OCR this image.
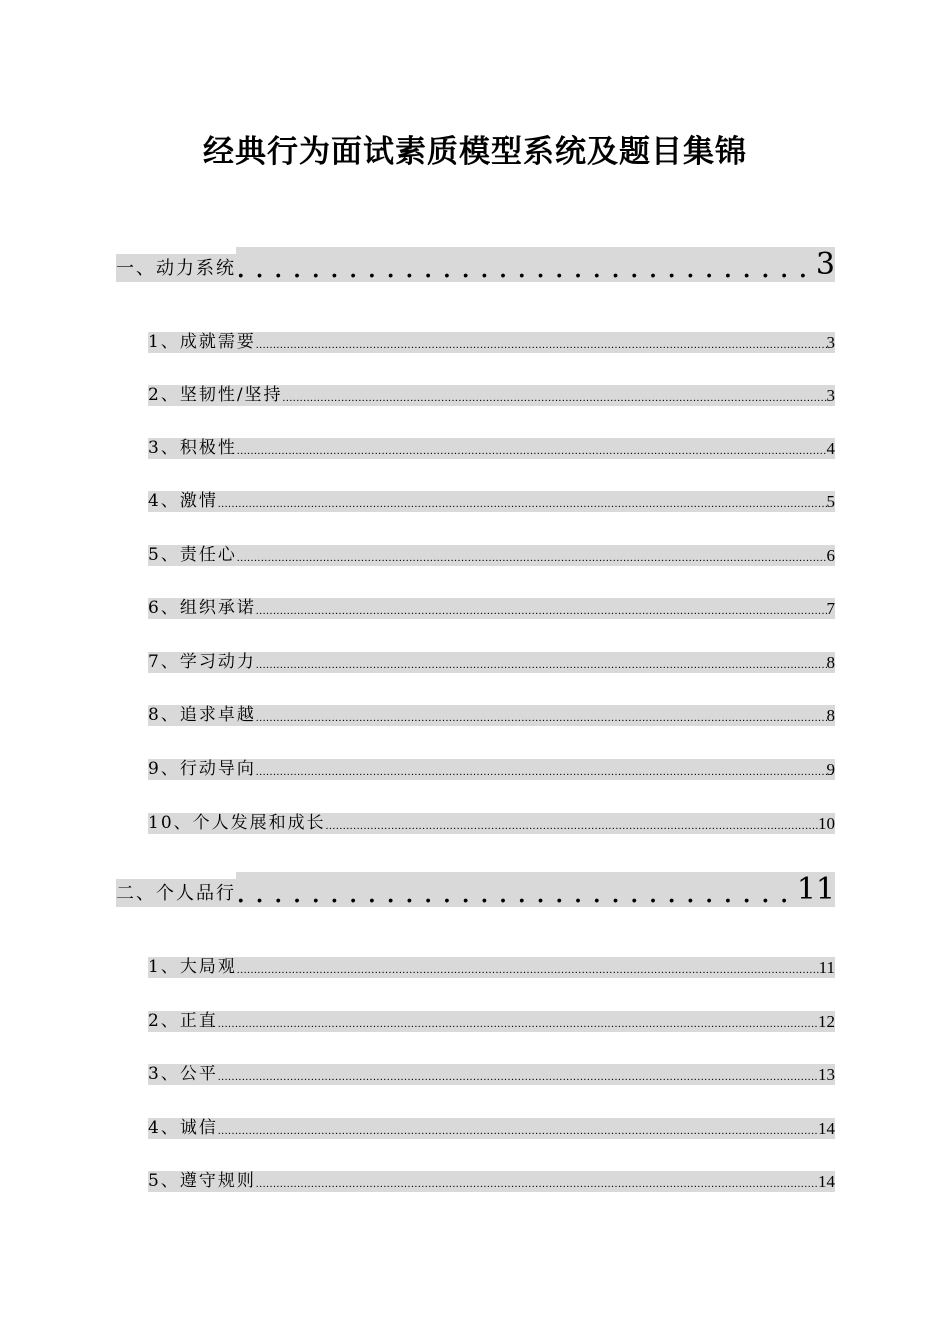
经典行为面试素质模型系统及题目集锦
一、动力系统 .....	3
1、成就需要 .....	3
2、坚韧性/坚持 .....	3
3、积极性 .....	4
4、激情 .....	5
5、责任心 .....	6
6、组织承诺 .....	7
7、学习动力 .....	8
8、追求卓越 .....	8
9、行动导向 .....	9
10、个人发展和成长 .....	10
二、个人品行 .....	11
1、大局观 .....	11
2、正直 .....	12
3、公平 .....	13
4、诚信 .....	14
5、遵守规则 .....	14
